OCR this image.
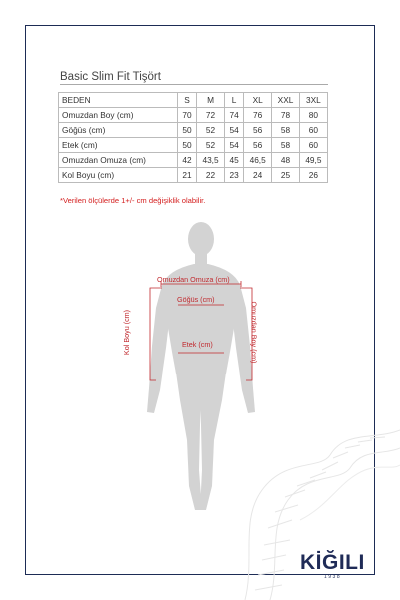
Basic Slim Fit Tişört
BEDEN	S	M	L	XL	XXL	3XL
Omuzdan Boy (cm)	70	72	74	76	78	80
Göğüs (cm)	50	52	54	56	58	60
Etek (cm)	50	52	54	56	58	60
Omuzdan Omuza (cm)	42	43,5	45	46,5	48	49,5
Kol Boyu (cm)	21	22	23	24	25	26
*Verilen ölçülerde 1+/- cm değişiklik olabilir.
Omuzdan Omuza (cm)
Göğüs (cm)
Etek (cm)
Kol Boyu (cm)	Omuzdan Boy (cm)
KİĞILI
1938
